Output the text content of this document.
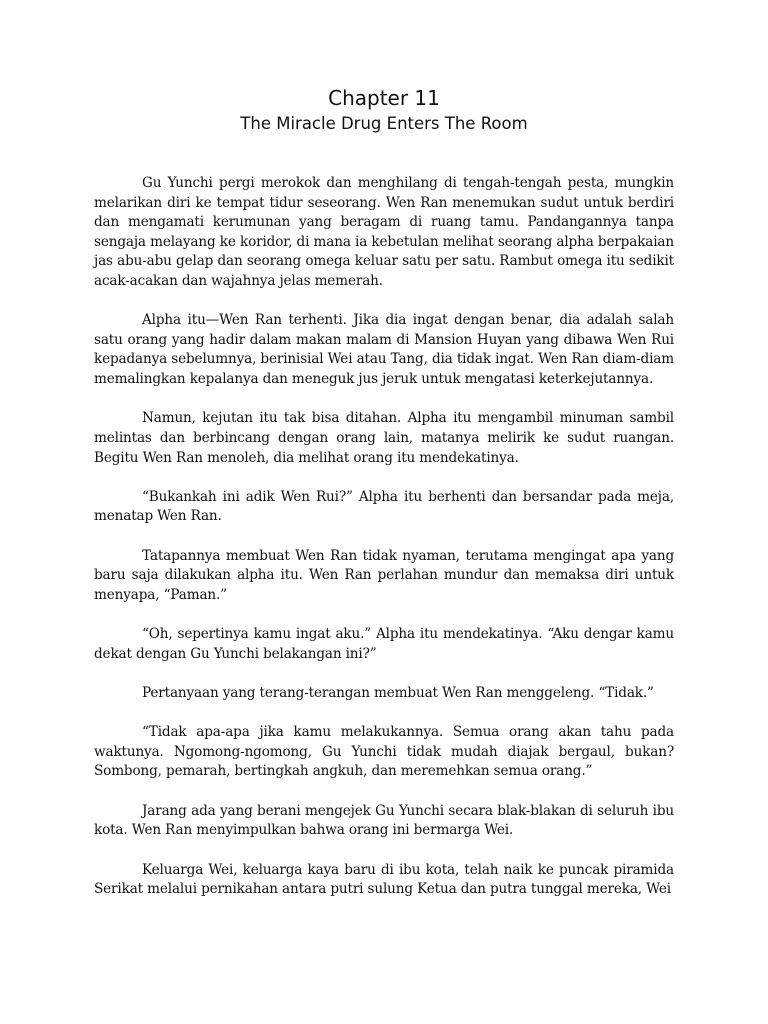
Chapter 11
The Miracle Drug Enters The Room

Gu Yunchi pergi merokok dan menghilang di tengah-tengah pesta, mungkin melarikan diri ke tempat tidur seseorang. Wen Ran menemukan sudut untuk berdiri dan mengamati kerumunan yang beragam di ruang tamu. Pandangannya tanpa sengaja melayang ke koridor, di mana ia kebetulan melihat seorang alpha berpakaian jas abu-abu gelap dan seorang omega keluar satu per satu. Rambut omega itu sedikit acak-acakan dan wajahnya jelas memerah.

Alpha itu—Wen Ran terhenti. Jika dia ingat dengan benar, dia adalah salah satu orang yang hadir dalam makan malam di Mansion Huyan yang dibawa Wen Rui kepadanya sebelumnya, berinisial Wei atau Tang, dia tidak ingat. Wen Ran diam-diam memalingkan kepalanya dan meneguk jus jeruk untuk mengatasi keterkejutannya.

Namun, kejutan itu tak bisa ditahan. Alpha itu mengambil minuman sambil melintas dan berbincang dengan orang lain, matanya melirik ke sudut ruangan. Begitu Wen Ran menoleh, dia melihat orang itu mendekatinya.

“Bukankah ini adik Wen Rui?” Alpha itu berhenti dan bersandar pada meja, menatap Wen Ran.

Tatapannya membuat Wen Ran tidak nyaman, terutama mengingat apa yang baru saja dilakukan alpha itu. Wen Ran perlahan mundur dan memaksa diri untuk menyapa, “Paman.”

“Oh, sepertinya kamu ingat aku.” Alpha itu mendekatinya. “Aku dengar kamu dekat dengan Gu Yunchi belakangan ini?”

Pertanyaan yang terang-terangan membuat Wen Ran menggeleng. “Tidak.”

“Tidak apa-apa jika kamu melakukannya. Semua orang akan tahu pada waktunya. Ngomong-ngomong, Gu Yunchi tidak mudah diajak bergaul, bukan? Sombong, pemarah, bertingkah angkuh, dan meremehkan semua orang.”

Jarang ada yang berani mengejek Gu Yunchi secara blak-blakan di seluruh ibu kota. Wen Ran menyimpulkan bahwa orang ini bermarga Wei.

Keluarga Wei, keluarga kaya baru di ibu kota, telah naik ke puncak piramida Serikat melalui pernikahan antara putri sulung Ketua dan putra tunggal mereka, Wei
